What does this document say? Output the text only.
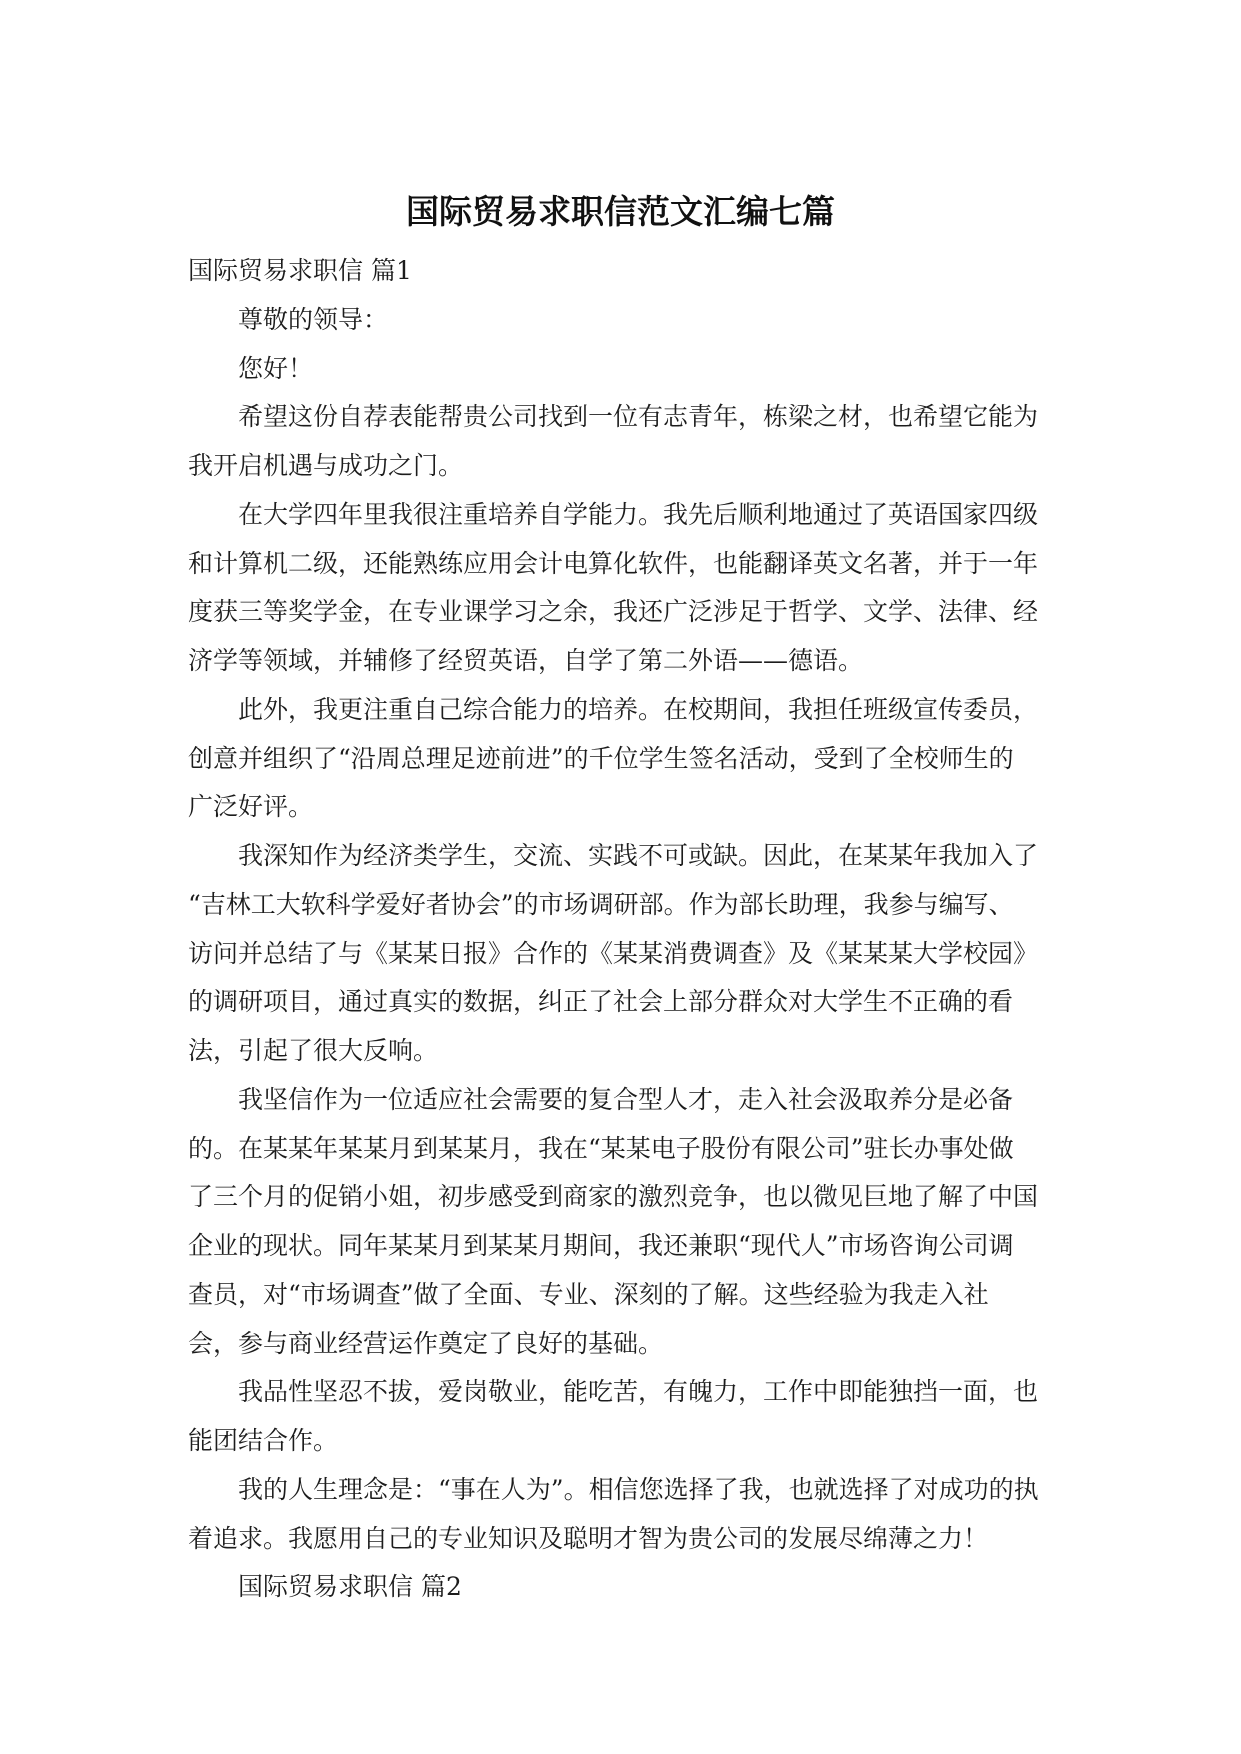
国际贸易求职信范文汇编七篇
国际贸易求职信 篇1
尊敬的领导：
您好！
希望这份自荐表能帮贵公司找到一位有志青年，栋梁之材，也希望它能为
我开启机遇与成功之门。
在大学四年里我很注重培养自学能力。我先后顺利地通过了英语国家四级
和计算机二级，还能熟练应用会计电算化软件，也能翻译英文名著，并于一年
度获三等奖学金，在专业课学习之余，我还广泛涉足于哲学、文学、法律、经
济学等领域，并辅修了经贸英语，自学了第二外语——德语。
此外，我更注重自己综合能力的培养。在校期间，我担任班级宣传委员，
创意并组织了“沿周总理足迹前进”的千位学生签名活动，受到了全校师生的
广泛好评。
我深知作为经济类学生，交流、实践不可或缺。因此，在某某年我加入了
“吉林工大软科学爱好者协会”的市场调研部。作为部长助理，我参与编写、
访问并总结了与《某某日报》合作的《某某消费调查》及《某某某大学校园》
的调研项目，通过真实的数据，纠正了社会上部分群众对大学生不正确的看
法，引起了很大反响。
我坚信作为一位适应社会需要的复合型人才，走入社会汲取养分是必备
的。在某某年某某月到某某月，我在“某某电子股份有限公司”驻长办事处做
了三个月的促销小姐，初步感受到商家的激烈竞争，也以微见巨地了解了中国
企业的现状。同年某某月到某某月期间，我还兼职“现代人”市场咨询公司调
查员，对“市场调查”做了全面、专业、深刻的了解。这些经验为我走入社
会，参与商业经营运作奠定了良好的基础。
我品性坚忍不拔，爱岗敬业，能吃苦，有魄力，工作中即能独挡一面，也
能团结合作。
我的人生理念是：“事在人为”。相信您选择了我，也就选择了对成功的执
着追求。我愿用自己的专业知识及聪明才智为贵公司的发展尽绵薄之力！
国际贸易求职信 篇2
